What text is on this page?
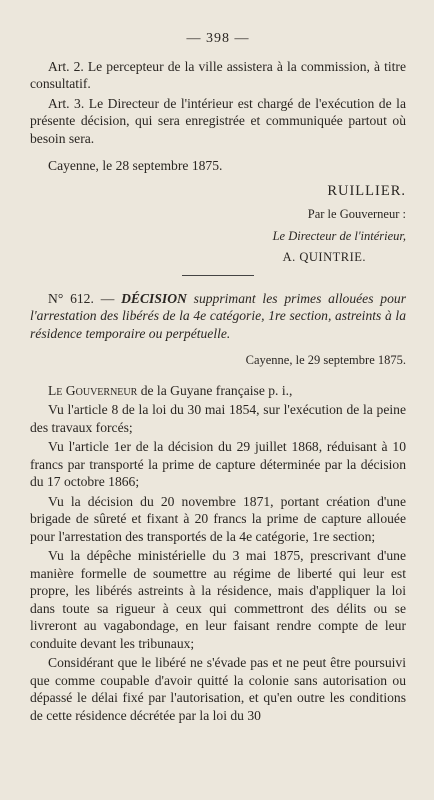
— 398 —

Art. 2. Le percepteur de la ville assistera à la commission, à titre consultatif.

Art. 3. Le Directeur de l'intérieur est chargé de l'exécution de la présente décision, qui sera enregistrée et communiquée partout où besoin sera.

Cayenne, le 28 septembre 1875.

RUILLIER.
Par le Gouverneur :
Le Directeur de l'intérieur,
A. QUINTRIE.

N° 612. — DÉCISION supprimant les primes allouées pour l'arrestation des libérés de la 4e catégorie, 1re section, astreints à la résidence temporaire ou perpétuelle.

Cayenne, le 29 septembre 1875.

Le Gouverneur de la Guyane française p. i.,

Vu l'article 8 de la loi du 30 mai 1854, sur l'exécution de la peine des travaux forcés;

Vu l'article 1er de la décision du 29 juillet 1868, réduisant à 10 francs par transporté la prime de capture déterminée par la décision du 17 octobre 1866;

Vu la décision du 20 novembre 1871, portant création d'une brigade de sûreté et fixant à 20 francs la prime de capture allouée pour l'arrestation des transportés de la 4e catégorie, 1re section;

Vu la dépêche ministérielle du 3 mai 1875, prescrivant d'une manière formelle de soumettre au régime de liberté qui leur est propre, les libérés astreints à la résidence, mais d'appliquer la loi dans toute sa rigueur à ceux qui commettront des délits ou se livreront au vagabondage, en leur faisant rendre compte de leur conduite devant les tribunaux;

Considérant que le libéré ne s'évade pas et ne peut être poursuivi que comme coupable d'avoir quitté la colonie sans autorisation ou dépassé le délai fixé par l'autorisation, et qu'en outre les conditions de cette résidence décrétée par la loi du 30
